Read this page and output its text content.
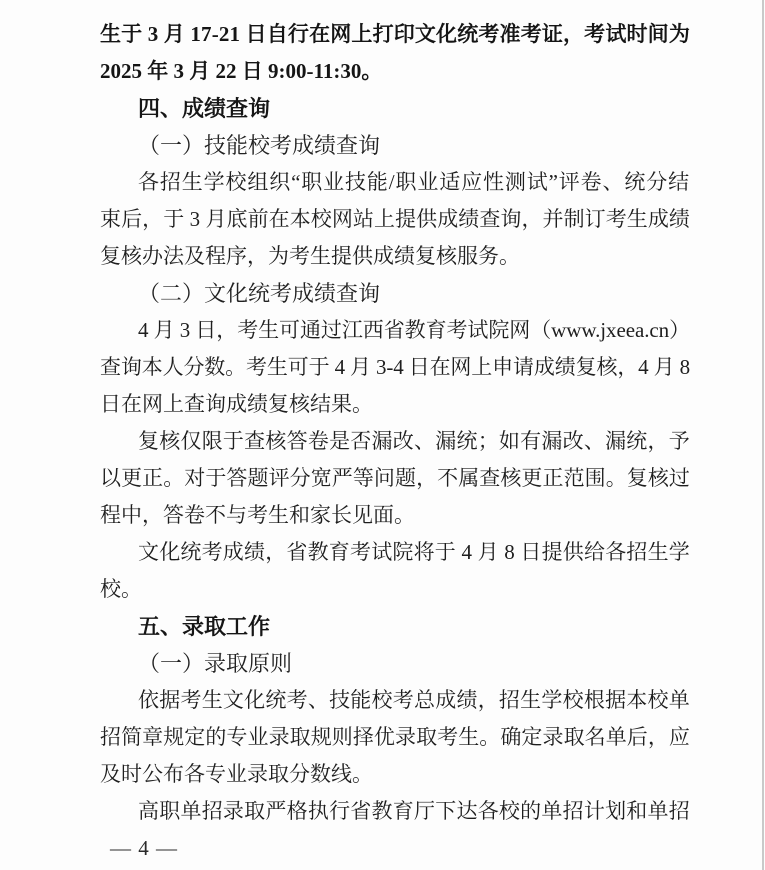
生于 3 月 17-21 日自行在网上打印文化统考准考证，考试时间为
2025 年 3 月 22 日 9:00-11:30。
四、成绩查询
（一）技能校考成绩查询
各招生学校组织“职业技能/职业适应性测试”评卷、统分结
束后，于 3 月底前在本校网站上提供成绩查询，并制订考生成绩
复核办法及程序，为考生提供成绩复核服务。
（二）文化统考成绩查询
4 月 3 日，考生可通过江西省教育考试院网（www.jxeea.cn）
查询本人分数。考生可于 4 月 3-4 日在网上申请成绩复核，4 月 8
日在网上查询成绩复核结果。
复核仅限于查核答卷是否漏改、漏统；如有漏改、漏统，予
以更正。对于答题评分宽严等问题，不属查核更正范围。复核过
程中，答卷不与考生和家长见面。
文化统考成绩，省教育考试院将于 4 月 8 日提供给各招生学
校。
五、录取工作
（一）录取原则
依据考生文化统考、技能校考总成绩，招生学校根据本校单
招简章规定的专业录取规则择优录取考生。确定录取名单后，应
及时公布各专业录取分数线。
高职单招录取严格执行省教育厅下达各校的单招计划和单招
— 4 —
